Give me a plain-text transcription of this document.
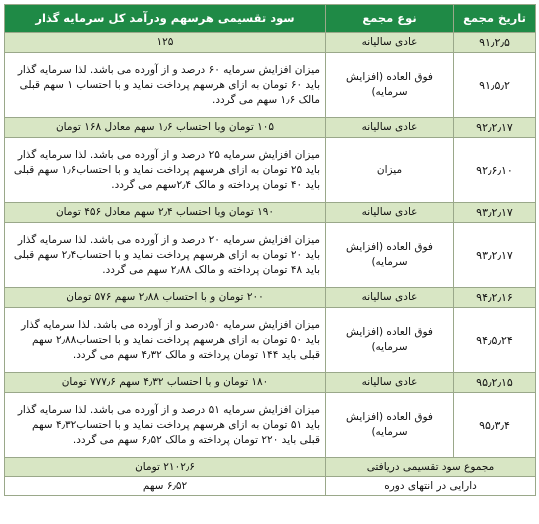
تاریخ مجمع	نوع مجمع	سود تقسیمی هرسهم ودرآمد کل سرمایه گذار
۹۱٫۲٫۵	عادی سالیانه	۱۲۵
۹۱٫۵٫۲	فوق العاده (افزایش سرمایه)	میزان افزایش سرمایه ۶۰ درصد و از آورده می باشد. لذا سرمایه گذار باید ۶۰ تومان به ازای هرسهم پرداخت نماید و با احتساب ۱ سهم قبلی مالک ۱٫۶ سهم می گردد.
۹۲٫۲٫۱۷	عادی سالیانه	۱۰۵ تومان وبا احتساب ۱٫۶ سهم معادل ۱۶۸ تومان
۹۲٫۶٫۱۰	میزان	میزان افزایش سرمایه ۲۵ درصد و از آورده می باشد. لذا سرمایه گذار باید ۲۵ تومان به ازای هرسهم پرداخت نماید و با احتساب۱٫۶ سهم قبلی باید ۴۰ تومان پرداخته و مالک ۲٫۴سهم می گردد.
۹۳٫۲٫۱۷	عادی سالیانه	۱۹۰ تومان وبا احتساب ۲٫۴ سهم معادل ۴۵۶ تومان
۹۳٫۲٫۱۷	فوق العاده (افزایش سرمایه)	میزان افزایش سرمایه ۲۰ درصد و از آورده می باشد. لذا سرمایه گذار باید ۲۰ تومان به ازای هرسهم پرداخت نماید و با احتساب۲٫۴ سهم قبلی باید ۴۸ تومان پرداخته و مالک ۲٫۸۸ سهم می گردد.
۹۴٫۲٫۱۶	عادی سالیانه	۲۰۰ تومان و با احتساب ۲٫۸۸ سهم ۵۷۶ تومان
۹۴٫۵٫۲۴	فوق العاده (افزایش سرمایه)	میزان افزایش سرمایه ۵۰درصد و از آورده می باشد. لذا سرمایه گذار باید ۵۰ تومان به ازای هرسهم پرداخت نماید و با احتساب۲٫۸۸ سهم قبلی باید ۱۴۴ تومان پرداخته و مالک ۴٫۳۲ سهم می گردد.
۹۵٫۲٫۱۵	عادی سالیانه	۱۸۰ تومان و با احتساب ۴٫۳۲ سهم ۷۷۷٫۶ تومان
۹۵٫۳٫۴	فوق العاده (افزایش سرمایه)	میزان افزایش سرمایه ۵۱ درصد و از آورده می باشد. لذا سرمایه گذار باید ۵۱ تومان به ازای هرسهم پرداخت نماید و با احتساب۴٫۳۲ سهم قبلی باید ۲۲۰ تومان پرداخته و مالک ۶٫۵۲ سهم می گردد.
مجموع سود تقسیمی دریافتی		۲۱۰۲٫۶ تومان
دارایی در انتهای دوره		۶٫۵۲ سهم
